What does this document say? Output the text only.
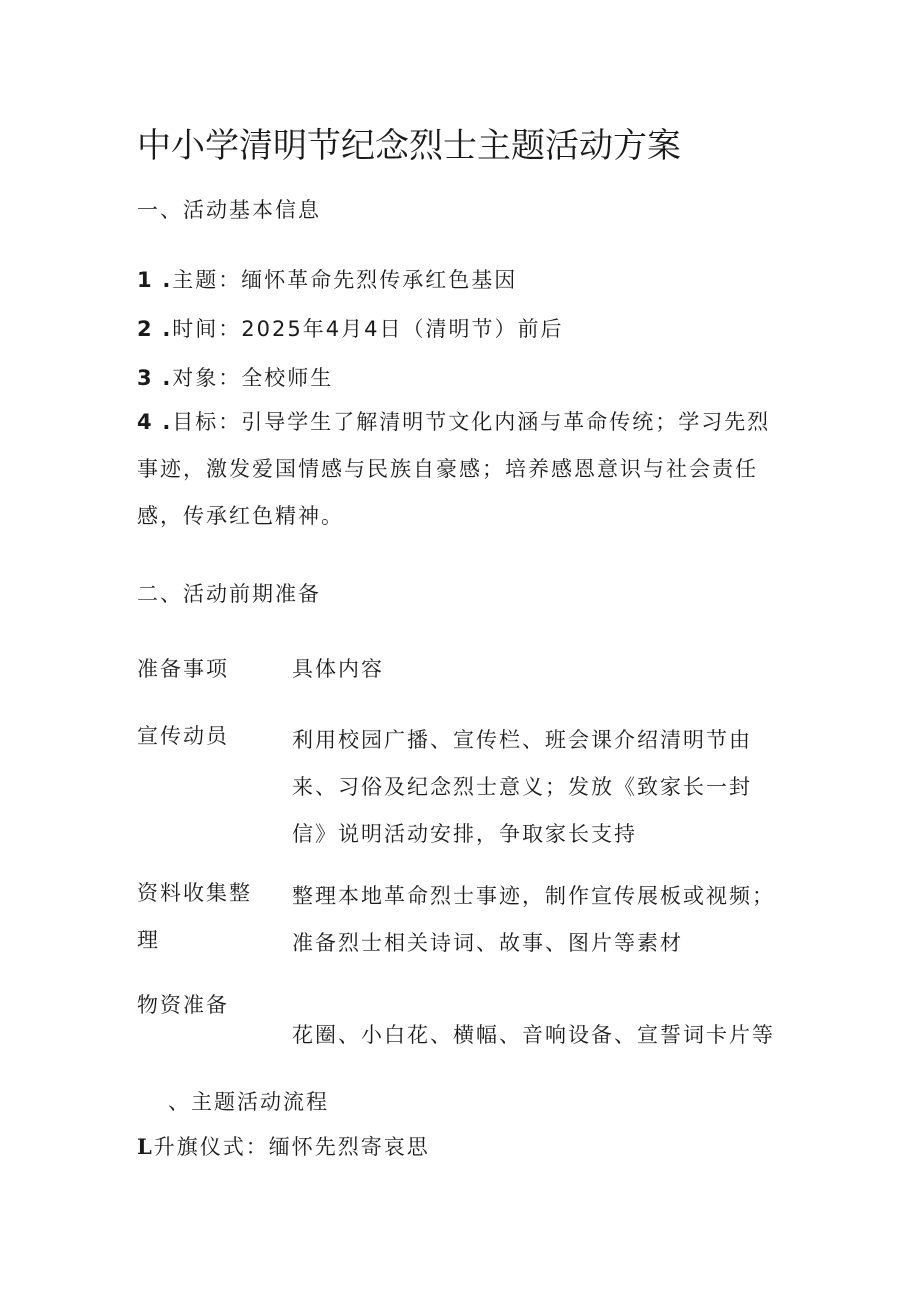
中小学清明节纪念烈士主题活动方案
一、活动基本信息
1 .主题：缅怀革命先烈传承红色基因
2 .时间：2025年4月4日（清明节）前后
3 .对象：全校师生
4 .目标：引导学生了解清明节文化内涵与革命传统；学习先烈事迹，激发爱国情感与民族自豪感；培养感恩意识与社会责任感，传承红色精神。
二、活动前期准备
准备事项	具体内容
宣传动员	利用校园广播、宣传栏、班会课介绍清明节由来、习俗及纪念烈士意义；发放《致家长一封信》说明活动安排，争取家长支持
资料收集整理
整理本地革命烈士事迹，制作宣传展板或视频；准备烈士相关诗词、故事、图片等素材
物资准备
花圈、小白花、横幅、音响设备、宣誓词卡片等
、主题活动流程
L升旗仪式：缅怀先烈寄哀思
